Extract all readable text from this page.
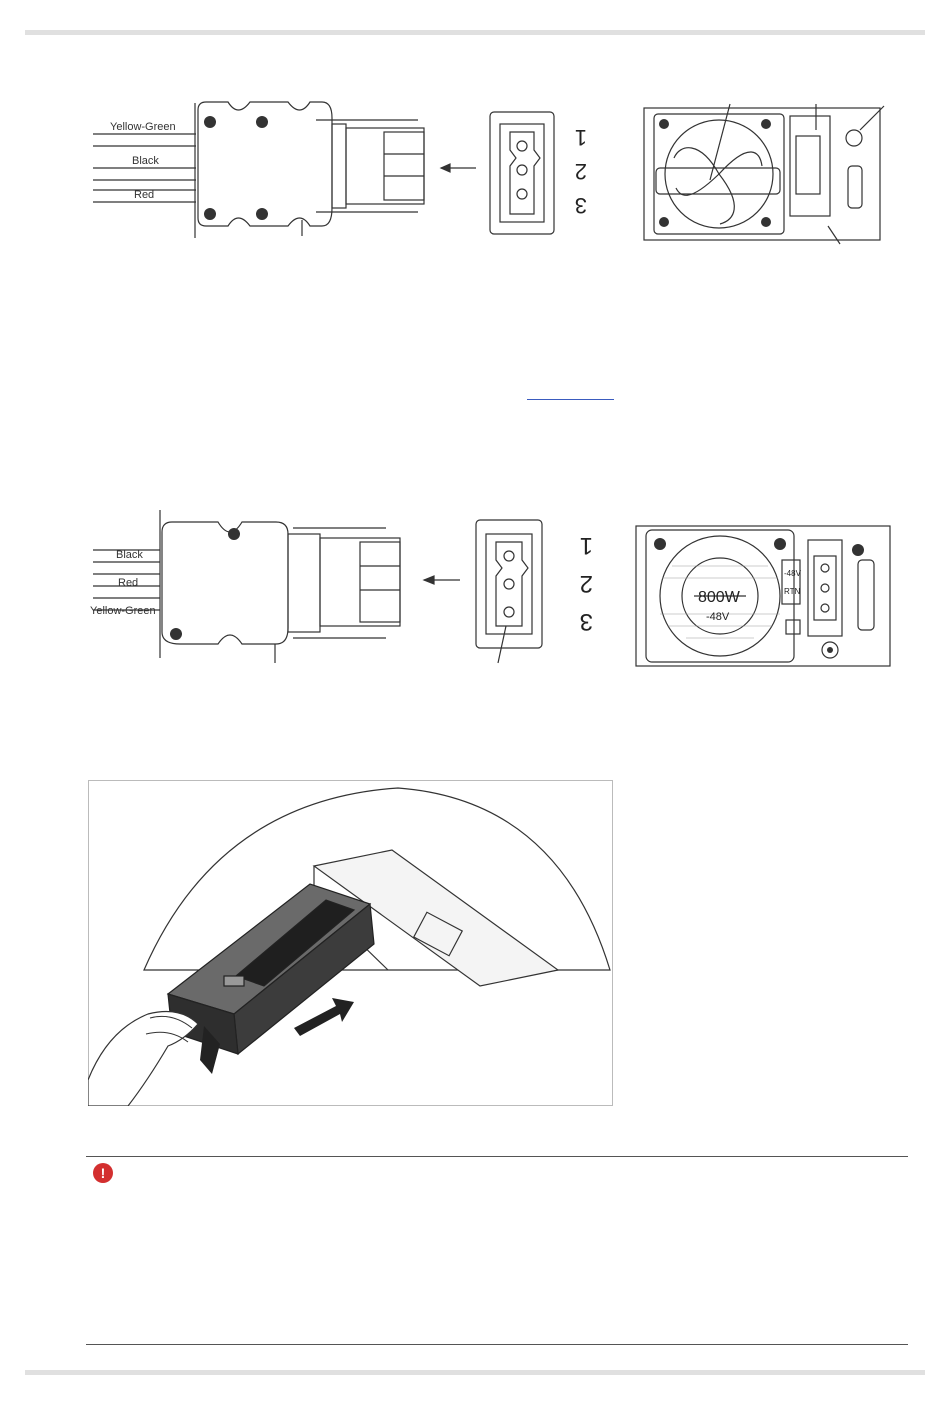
Yellow-Green
Black
Red	3
2
1
Black
Red
Yellow-Green	3
2
1
800W
-48V
-48V
RTN
!
